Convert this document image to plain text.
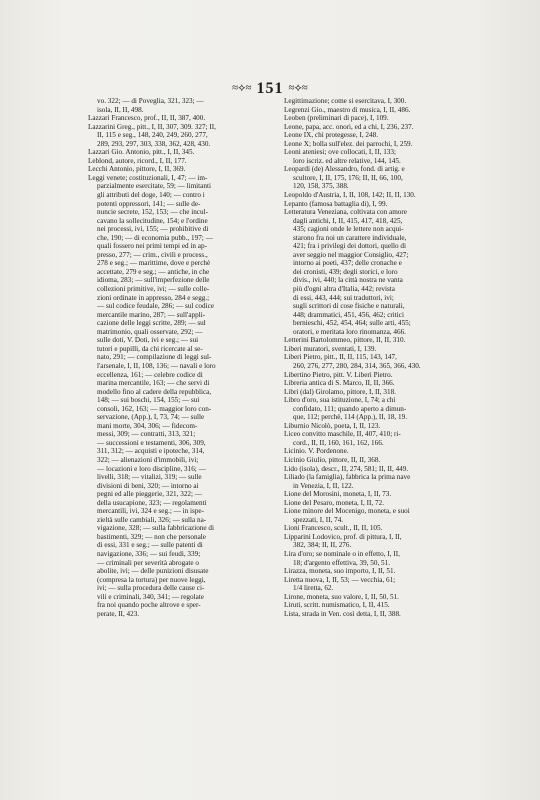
≈⟡≈ 151 ≈⟡≈
vo. 322; — di Poveglia, 321, 323; —
isola, II, II, 498.
Lazzari Francesco, prof., II, II, 387, 400.
Lazzarini Greg., pitt., I, II, 307, 309. 327; II,
II, 115 e seg., 148, 240, 249, 260, 277,
289, 293, 297, 303, 338, 362, 428, 430.
Lazzari Gio. Antonio, pitt., I, II, 345.
Leblond, autore, ricord., I, II, 177.
Lecchi Antonio, pittore, I, II, 369.
Leggi venete; costituzionali, I, 47; — im-
parzialmente esercitate, 59; — limitanti
gli attributi del doge, 140; — contro i
potenti oppressori, 141; — sulle de-
nuncie secrete, 152, 153; — che incul-
cavano la sollecitudine, 154; e l'ordine
nei processi, ivi, 155; — prohibitive di
che, 190; — di economia pubb., 197; —
quali fossero nei primi tempi ed in ap-
presso, 277; — crim., civili e process.,
278 e seg.; — marittime, dove e perchè
accettate, 279 e seg.; — antiche, in che
idioma, 283; — sull'imperfezione delle
collezioni primitive, ivi; — sulle colle-
zioni ordinate in appresso, 284 e segg.;
— sul codice feudale, 286; — sul codice
mercantile marino, 287; — sull'appli-
cazione delle leggi scritte, 289; — sul
matrimonio, quali osservate, 292; —
sulle doti, V. Doti, ivi e seg.; — sui
tutori e pupilli, da chi ricercate al se-
nato, 291; — compilazione di leggi sul-
l'arsenale, I, II, 108, 136; — navali e loro
eccellenza, 161; — celebre codice di
marina mercantile, 163; — che servi di
modello fino al cadere della repubblica,
148; — sui boschi, 154, 155; — sui
consoli, 162, 163; — maggior loro con-
servazione, (App.), I, 73, 74; — sulle
mani morte, 304, 306; — fidecom-
messi, 309; — contratti, 313, 321;
— successioni e testamenti, 306, 309,
311, 312; — acquisti e ipoteche, 314,
322; — alienazioni d'immobili, ivi;
— locazioni e loro discipline, 316; —
livelli, 318; — vitalizi, 319; — sulle
divisioni di beni, 320; — intorno ai
pegni ed alle pieggerie, 321, 322; —
della usucapione, 323; — regolamenti
mercantili, ivi, 324 e seg.; — in ispe-
zieltà sulle cambiali, 326; — sulla na-
vigazione, 328; — sulla fabbricazione di
bastimenti, 329; — non che personale
di essi, 331 e seg.; — sulle patenti di
navigazione, 336; — sui feudi, 339;
— criminali per severità abrogate o
abolite, ivi; — delle punizioni disusate
(compresa la tortura) per nuove leggi,
ivi; — sulla procedura delle cause ci-
vili e criminali, 340, 341; — regolate
fra noi quando poche altrove e sper-
perate, II, 423.
Legittimazione; come si esercitava, I, 300.
Legrenzi Gio., maestro di musica, I, II, 486.
Leoben (preliminari di pace), I, 109.
Leone, papa, acc. onori, ed a chi, I, 236, 237.
Leone IX, chi protegesse, I, 248.
Leone X; bolla sull'elez. dei parrochi, I, 259.
Leoni ateniesi; ove collocati, I, II, 133;
loro iscriz. ed altre relative, 144, 145.
Leopardi (de) Alessandro, fond. di artig. e
scultore, I, II, 175, 176; II, II, 66, 100,
120, 158, 375, 388.
Leopoldo d'Austria, I, II, 108, 142; II, II, 130.
Lepanto (famosa battaglia di), I, 99.
Letteratura Veneziana, coltivata con amore
dagli antichi, I, II, 415, 417, 418, 425,
435; cagioni onde le lettere non acqui-
starono fra noi un carattere individuale,
421; fra i privilegi dei dottori, quello di
aver seggio nel maggior Consiglio, 427;
intorno ai poeti, 437; delle cronache e
dei cronisti, 439; degli storici, e loro
divis., ivi, 440; la città nostra ne vanta
più d'ogni altra d'Italia, 442; revista
di essi, 443, 444; sui traduttori, ivi;
sugli scrittori di cose fisiche e naturali,
448; drammatici, 451, 456, 462; critici
bernieschi, 452, 454, 464; sulle arti, 455;
oratori, e meritata loro rinomanza, 466.
Letterini Bartolommeo, pittore, II, II, 310.
Liberi muratori, sventati, I, 139.
Liberi Pietro, pitt., II, II, 115, 143, 147,
260, 276, 277, 280, 284, 314, 365, 366, 430.
Libertino Pietro, pitt. V. Liberi Pietro.
Libreria antica di S. Marco, II, II, 366.
Libri (dal) Girolamo, pittore, I, II, 318.
Libro d'oro, sua istituzione, I, 74; a chi
confidato, 111; quando aperto a dimun-
que, 112; perchè, 114 (App.), II, 18, 19.
Liburnio Nicolò, poeta, I, II, 123.
Liceo convitto maschile, II, 407, 410; ri-
cord., II, II, 160, 161, 162, 166.
Licinio. V. Pordenone.
Licinio Giulio, pittore, II, II, 368.
Lido (isola), descr., II, 274, 581; II, II, 449.
Liliado (la famiglia), fabbrica la prima nave
in Venezia, I, II, 122.
Lione del Morosini, moneta, I, II, 73.
Lione del Pesaro, moneta, I, II, 72.
Lione minore del Mocenigo, moneta, e suoi
spezzati, I, II, 74.
Lioni Francesco, scult., II, II, 105.
Lipparini Lodovico, prof. di pittura, I, II,
382, 384; II, II, 276.
Lira d'oro; se nominale o in effetto, I, II,
18; d'argento effettiva, 39, 50, 51.
Lirazza, moneta, suo importo, I, II, 51.
Liretta nuova, I, II, 53; — vecchia, 61;
1/4 liretta, 62.
Lirone, moneta, suo valore, I, II, 50, 51.
Liruti, scritt. numismatico, I, II, 415.
Lista, strada in Ven. così detta, I, II, 388.
